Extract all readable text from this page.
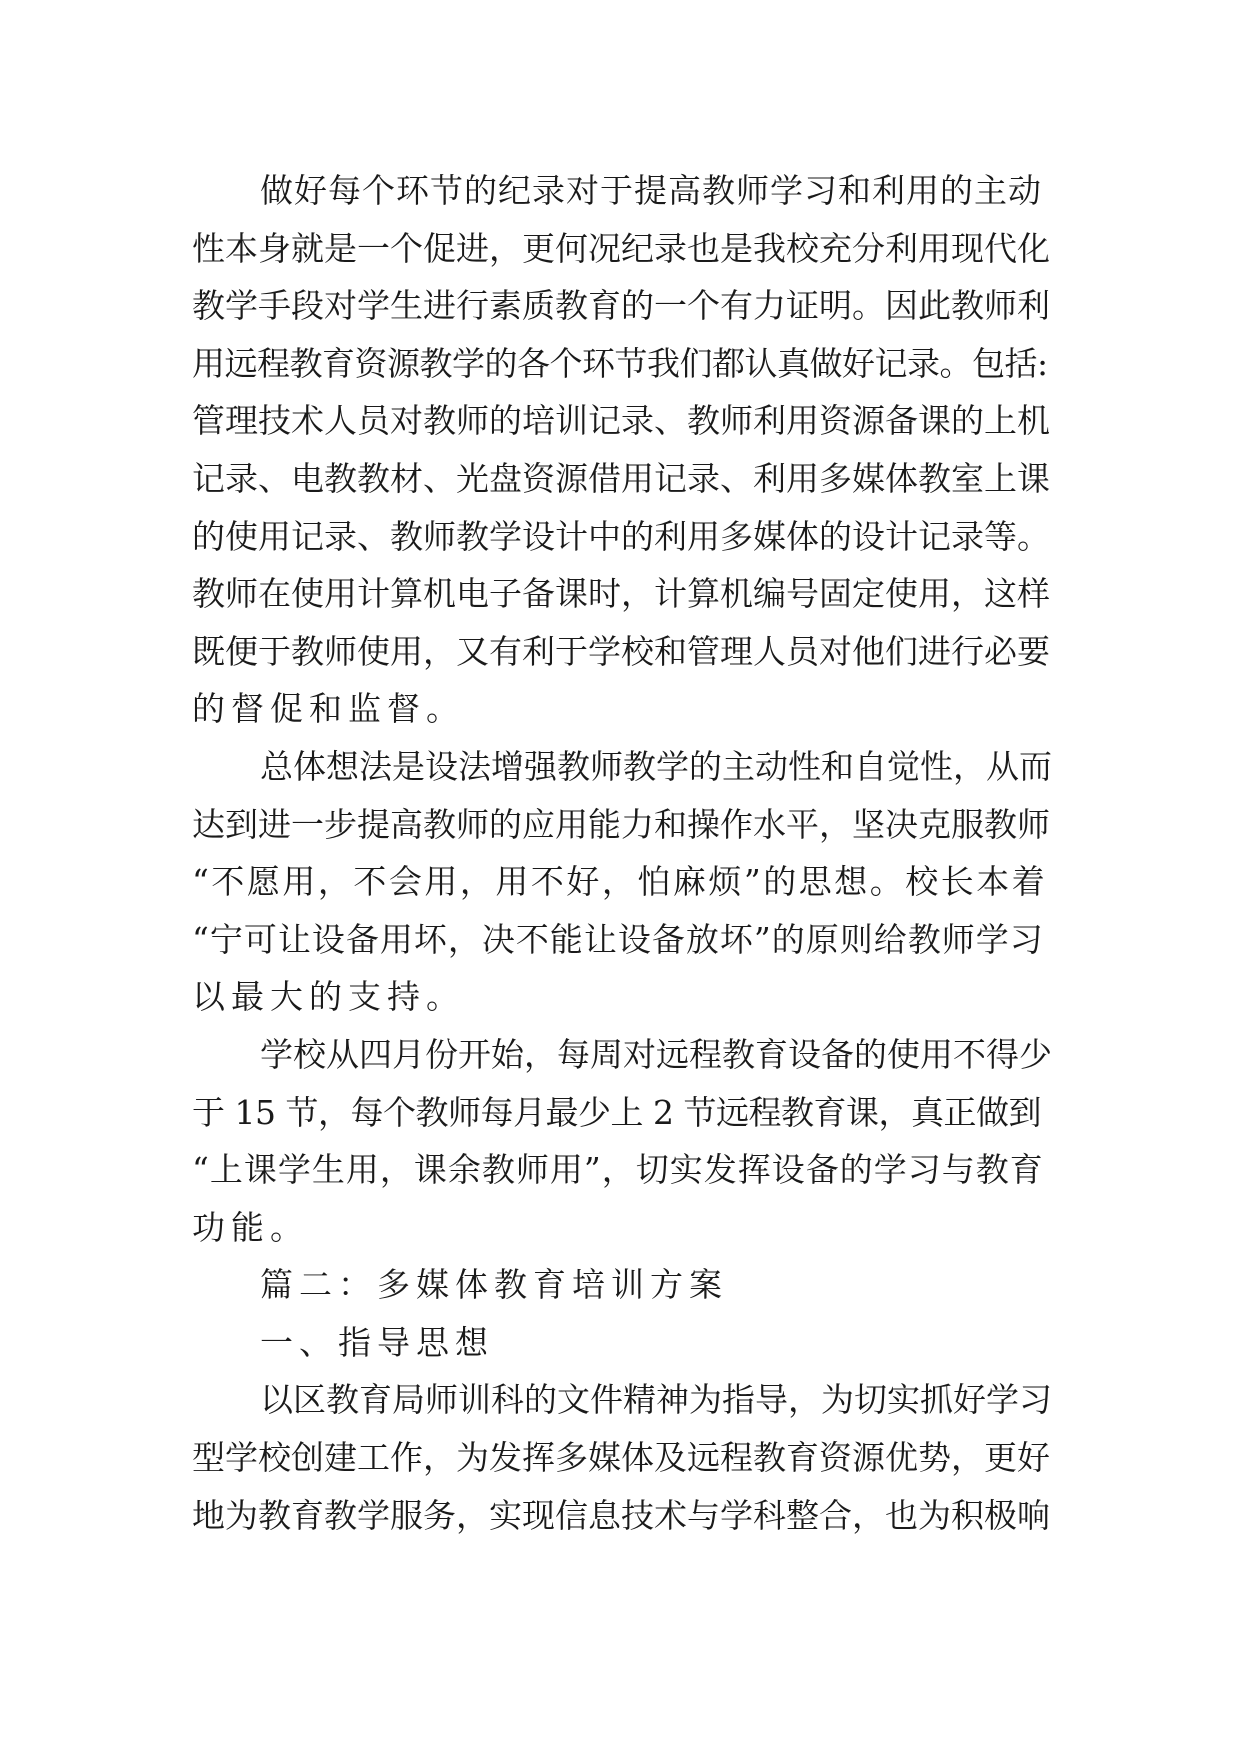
做好每个环节的纪录对于提高教师学习和利用的主动
性本身就是一个促进，更何况纪录也是我校充分利用现代化
教学手段对学生进行素质教育的一个有力证明。因此教师利
用远程教育资源教学的各个环节我们都认真做好记录。包括:
管理技术人员对教师的培训记录、教师利用资源备课的上机
记录、电教教材、光盘资源借用记录、利用多媒体教室上课
的使用记录、教师教学设计中的利用多媒体的设计记录等。
教师在使用计算机电子备课时，计算机编号固定使用，这样
既便于教师使用，又有利于学校和管理人员对他们进行必要
的督促和监督。
总体想法是设法增强教师教学的主动性和自觉性，从而
达到进一步提高教师的应用能力和操作水平，坚决克服教师
“不愿用，不会用，用不好，怕麻烦”的思想。校长本着
“宁可让设备用坏，决不能让设备放坏”的原则给教师学习
以最大的支持。
学校从四月份开始，每周对远程教育设备的使用不得少
于 15 节，每个教师每月最少上 2 节远程教育课，真正做到
“上课学生用，课余教师用”，切实发挥设备的学习与教育
功能。
篇二：多媒体教育培训方案
一、指导思想
以区教育局师训科的文件精神为指导，为切实抓好学习
型学校创建工作，为发挥多媒体及远程教育资源优势，更好
地为教育教学服务，实现信息技术与学科整合，也为积极响
